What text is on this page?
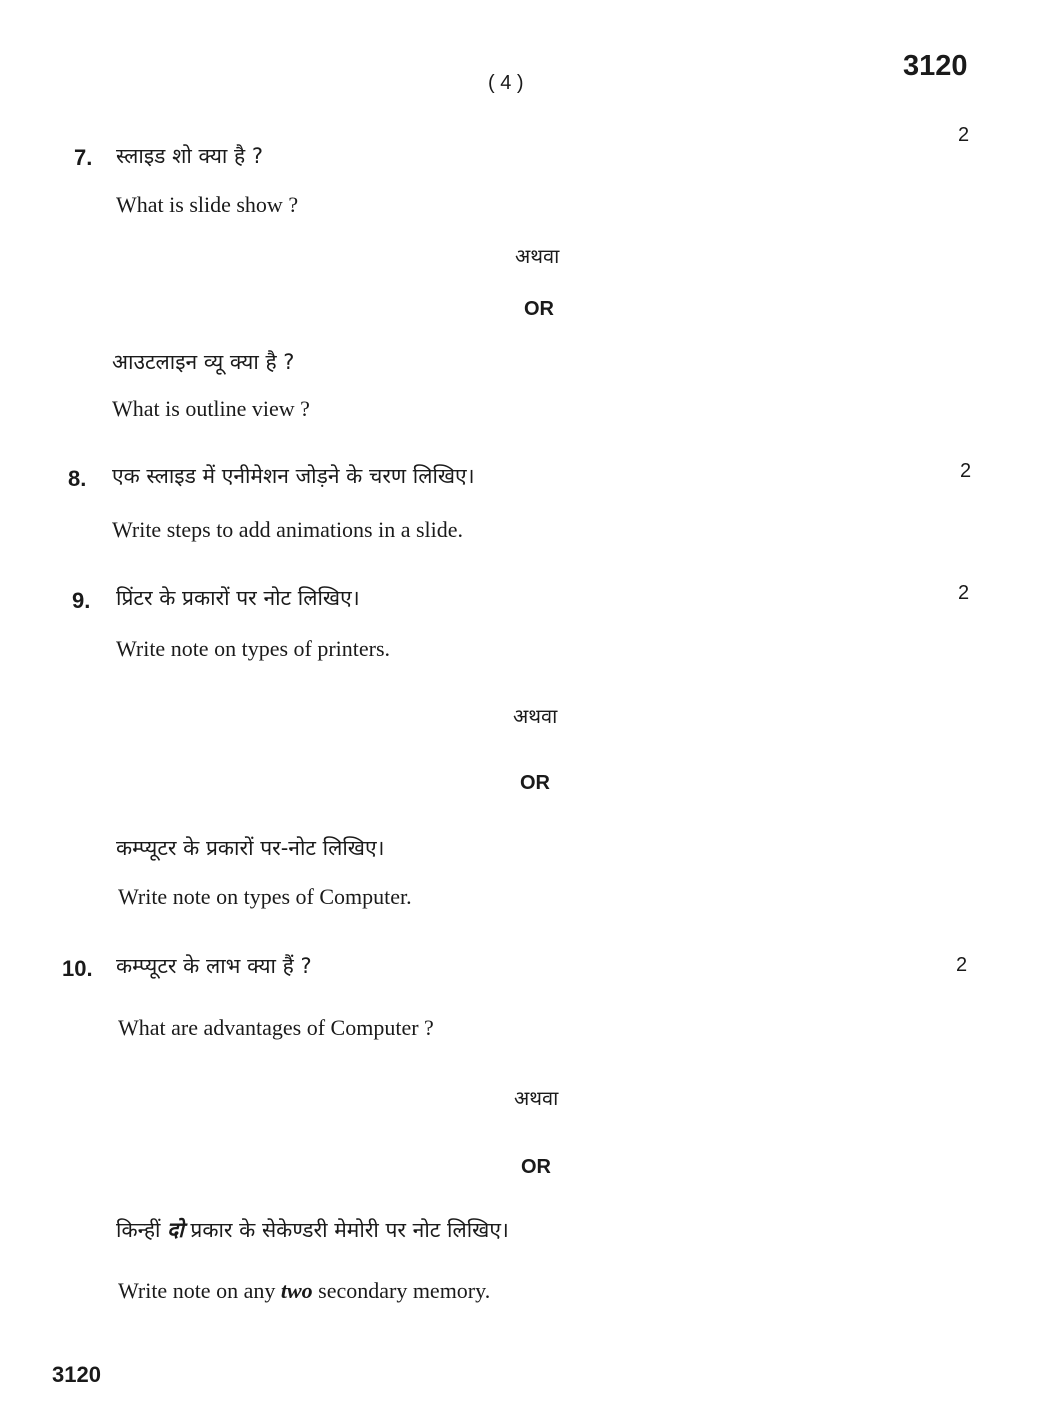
( 4 )
3120
2
7. स्लाइड शो क्या है ?
What is slide show ?
अथवा
OR
आउटलाइन व्यू क्या है ?
What is outline view ?
8. एक स्लाइड में एनीमेशन जोड़ने के चरण लिखिए।	2
Write steps to add animations in a slide.
9. प्रिंटर के प्रकारों पर नोट लिखिए।	2
Write note on types of printers.
अथवा
OR
कम्प्यूटर के प्रकारों पर-नोट लिखिए।
Write note on types of Computer.
10. कम्प्यूटर के लाभ क्या हैं ?	2
What are advantages of Computer ?
अथवा
OR
किन्हीं दो प्रकार के सेकेण्डरी मेमोरी पर नोट लिखिए।
Write note on any two secondary memory.
3120
